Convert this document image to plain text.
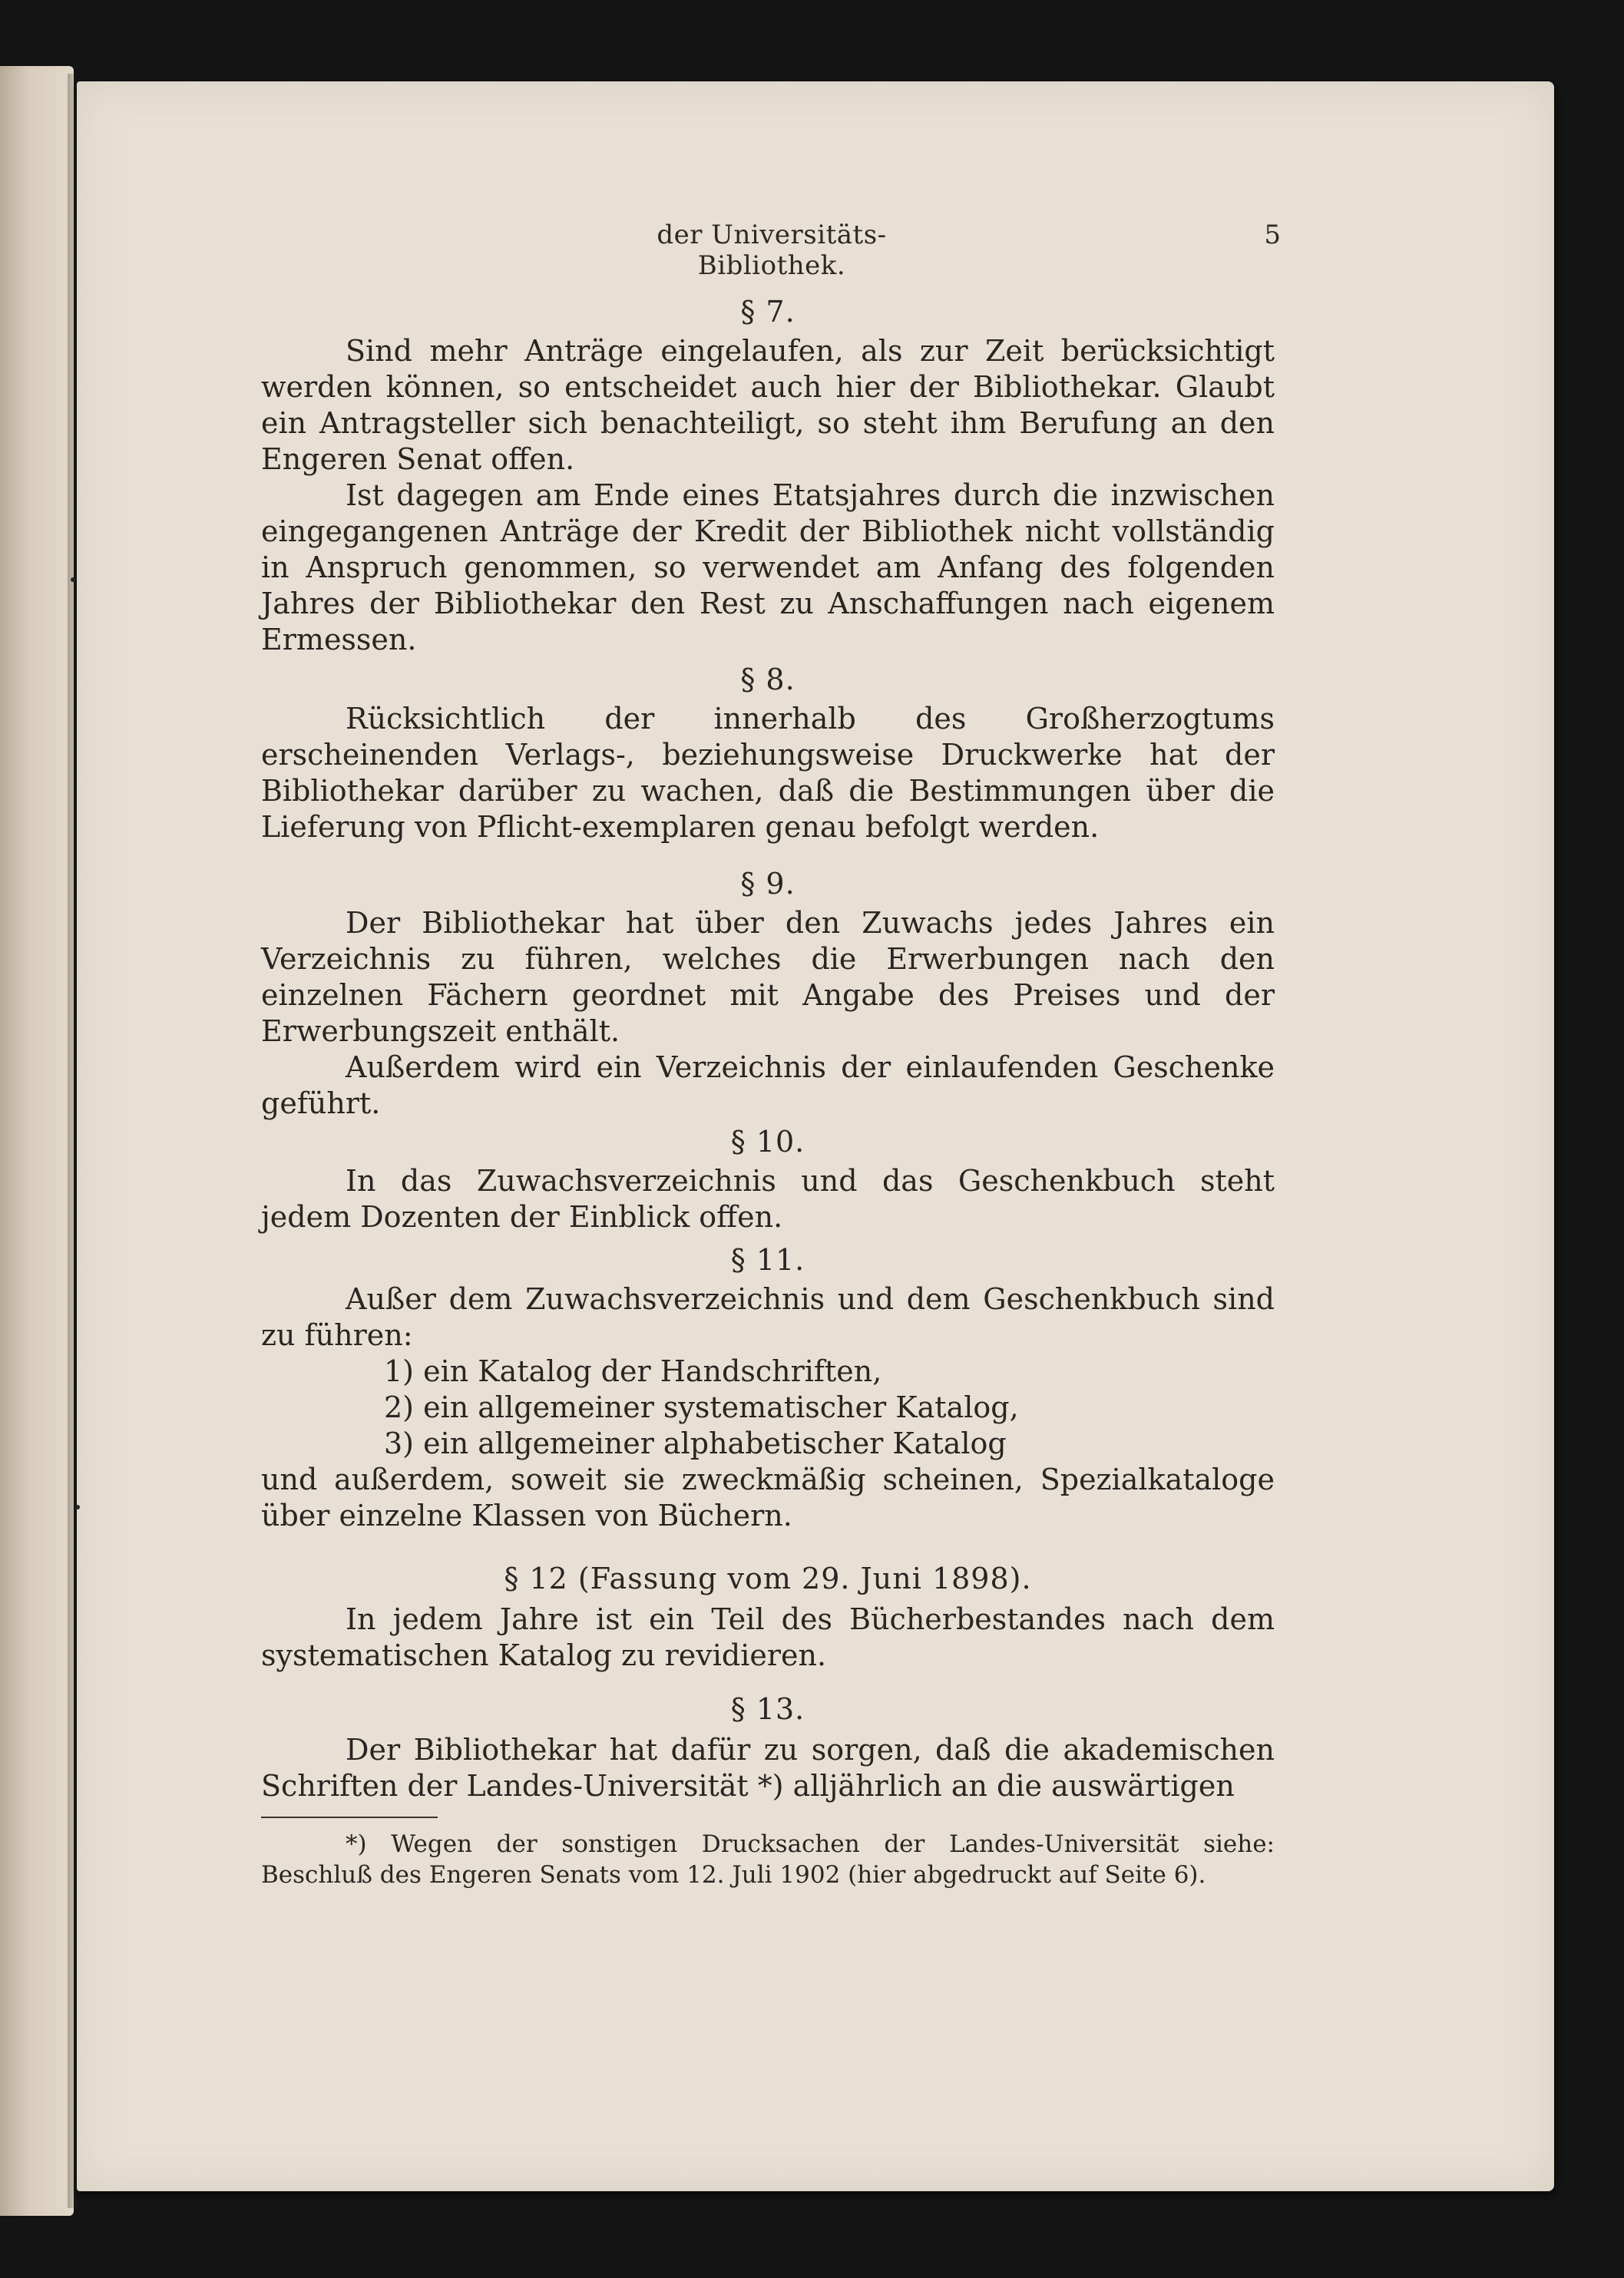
der Universitäts-Bibliothek.
5

§ 7.

Sind mehr Anträge eingelaufen, als zur Zeit berücksichtigt werden können, so entscheidet auch hier der Bibliothekar. Glaubt ein Antragsteller sich benachteiligt, so steht ihm Berufung an den Engeren Senat offen.

Ist dagegen am Ende eines Etatsjahres durch die inzwischen eingegangenen Anträge der Kredit der Bibliothek nicht vollständig in Anspruch genommen, so verwendet am Anfang des folgenden Jahres der Bibliothekar den Rest zu Anschaffungen nach eigenem Ermessen.

§ 8.

Rücksichtlich der innerhalb des Großherzogtums erscheinenden Verlags-, beziehungsweise Druckwerke hat der Bibliothekar darüber zu wachen, daß die Bestimmungen über die Lieferung von Pflicht-exemplaren genau befolgt werden.

§ 9.

Der Bibliothekar hat über den Zuwachs jedes Jahres ein Verzeichnis zu führen, welches die Erwerbungen nach den einzelnen Fächern geordnet mit Angabe des Preises und der Erwerbungszeit enthält.

Außerdem wird ein Verzeichnis der einlaufenden Geschenke geführt.

§ 10.

In das Zuwachsverzeichnis und das Geschenkbuch steht jedem Dozenten der Einblick offen.

§ 11.

Außer dem Zuwachsverzeichnis und dem Geschenkbuch sind zu führen:

1) ein Katalog der Handschriften,
2) ein allgemeiner systematischer Katalog,
3) ein allgemeiner alphabetischer Katalog

und außerdem, soweit sie zweckmäßig scheinen, Spezialkataloge über einzelne Klassen von Büchern.

§ 12 (Fassung vom 29. Juni 1898).

In jedem Jahre ist ein Teil des Bücherbestandes nach dem systematischen Katalog zu revidieren.

§ 13.

Der Bibliothekar hat dafür zu sorgen, daß die akademischen Schriften der Landes-Universität *) alljährlich an die auswärtigen

*) Wegen der sonstigen Drucksachen der Landes-Universität siehe: Beschluß des Engeren Senats vom 12. Juli 1902 (hier abgedruckt auf Seite 6).
